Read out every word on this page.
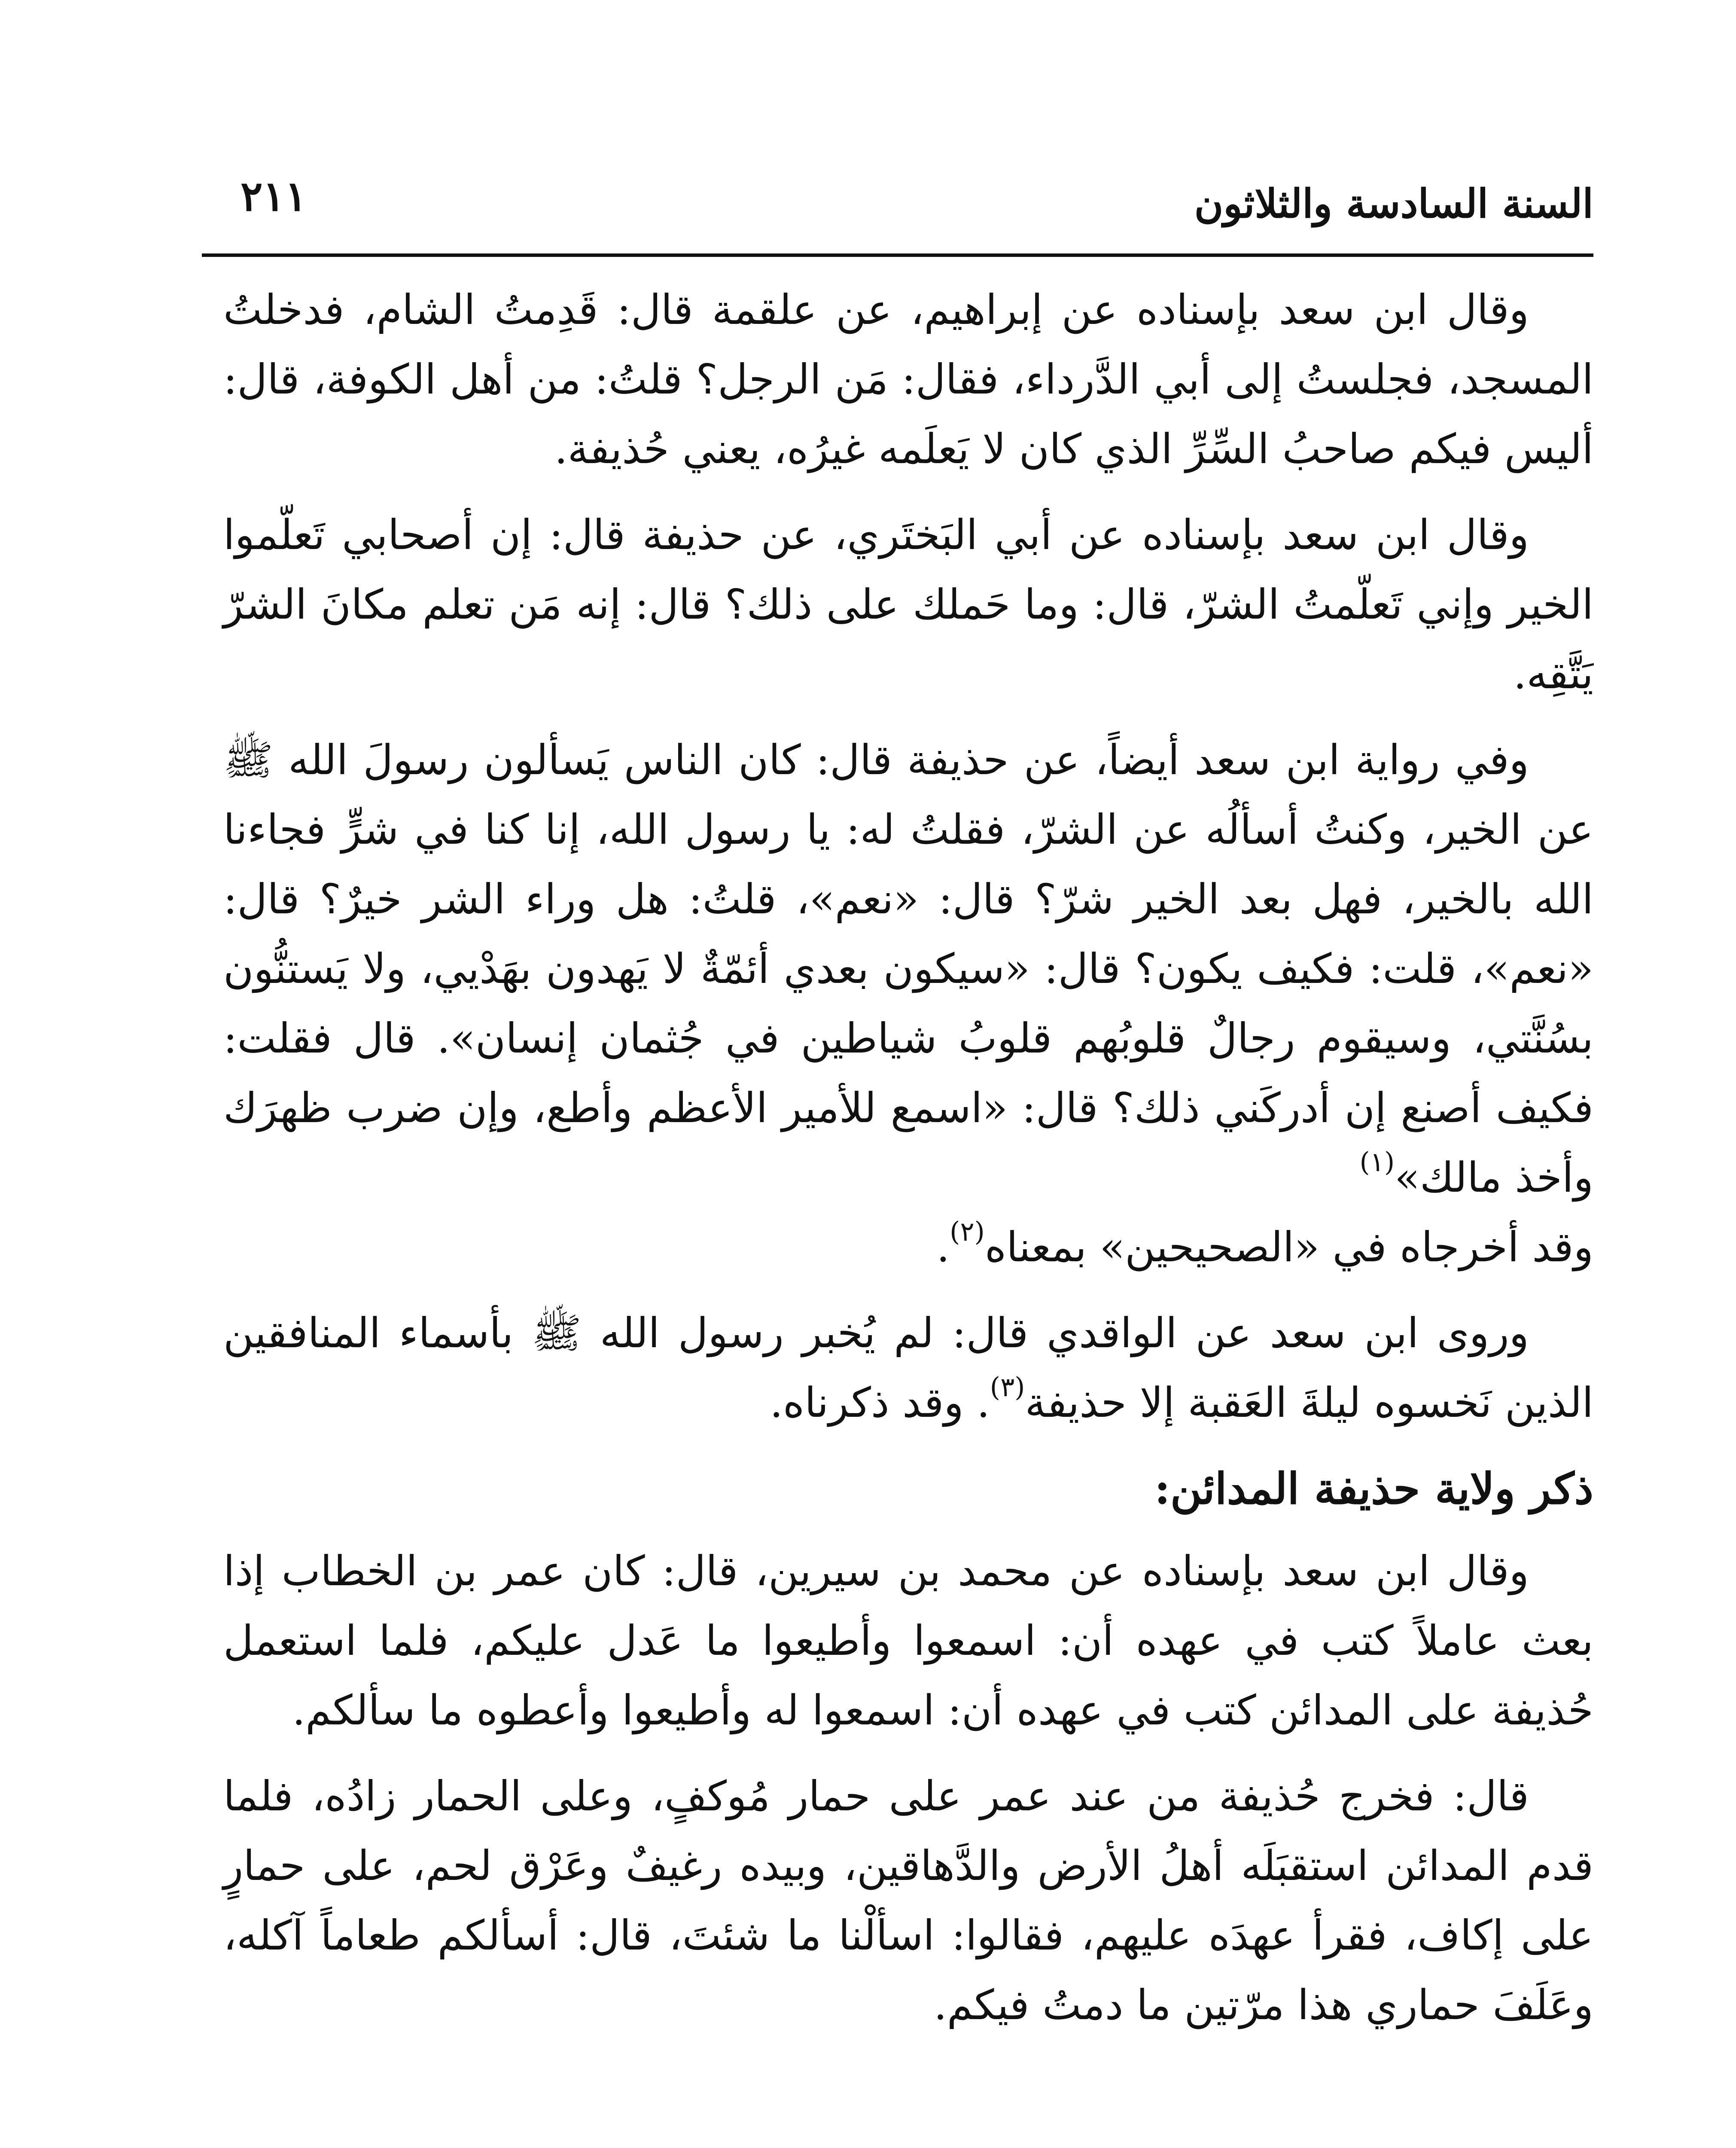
السنة السادسة والثلاثون
٢١١

وقال ابن سعد بإسناده عن إبراهيم، عن علقمة قال: قَدِمتُ الشام، فدخلتُ المسجد، فجلستُ إلى أبي الدَّرداء، فقال: مَن الرجل؟ قلتُ: من أهل الكوفة، قال: أليس فيكم صاحبُ السِّرِّ الذي كان لا يَعلَمه غيرُه، يعني حُذيفة.

وقال ابن سعد بإسناده عن أبي البَختَري، عن حذيفة قال: إن أصحابي تَعلّموا الخير وإني تَعلّمتُ الشرّ، قال: وما حَملك على ذلك؟ قال: إنه مَن تعلم مكانَ الشرّ يَتَّقِه.

وفي رواية ابن سعد أيضاً، عن حذيفة قال: كان الناس يَسألون رسولَ الله ﷺ عن الخير، وكنتُ أسألُه عن الشرّ، فقلتُ له: يا رسول الله، إنا كنا في شرٍّ فجاءنا الله بالخير، فهل بعد الخير شرّ؟ قال: «نعم»، قلتُ: هل وراء الشر خيرٌ؟ قال: «نعم»، قلت: فكيف يكون؟ قال: «سيكون بعدي أئمّةٌ لا يَهدون بهَدْيي، ولا يَستنُّون بسُنَّتي، وسيقوم رجالٌ قلوبُهم قلوبُ شياطين في جُثمان إنسان». قال فقلت: فكيف أصنع إن أدركَني ذلك؟ قال: «اسمع للأمير الأعظم وأطع، وإن ضرب ظهرَك وأخذ مالك»$^{(١)}$

وقد أخرجاه في «الصحيحين» بمعناه$^{(٢)}$.

وروى ابن سعد عن الواقدي قال: لم يُخبر رسول الله ﷺ بأسماء المنافقين الذين نَخسوه ليلةَ العَقبة إلا حذيفة$^{(٣)}$. وقد ذكرناه.

ذكر ولاية حذيفة المدائن:

وقال ابن سعد بإسناده عن محمد بن سيرين، قال: كان عمر بن الخطاب إذا بعث عاملاً كتب في عهده أن: اسمعوا وأطيعوا ما عَدل عليكم، فلما استعمل حُذيفة على المدائن كتب في عهده أن: اسمعوا له وأطيعوا وأعطوه ما سألكم.

قال: فخرج حُذيفة من عند عمر على حمار مُوكفٍ، وعلى الحمار زادُه، فلما قدم المدائن استقبَلَه أهلُ الأرض والدَّهاقين، وبيده رغيفٌ وعَرْق لحم، على حمارٍ على إكاف، فقرأ عهدَه عليهم، فقالوا: اسألْنا ما شئتَ، قال: أسألكم طعاماً آكله، وعَلَفَ حماري هذا مرّتين ما دمتُ فيكم.
